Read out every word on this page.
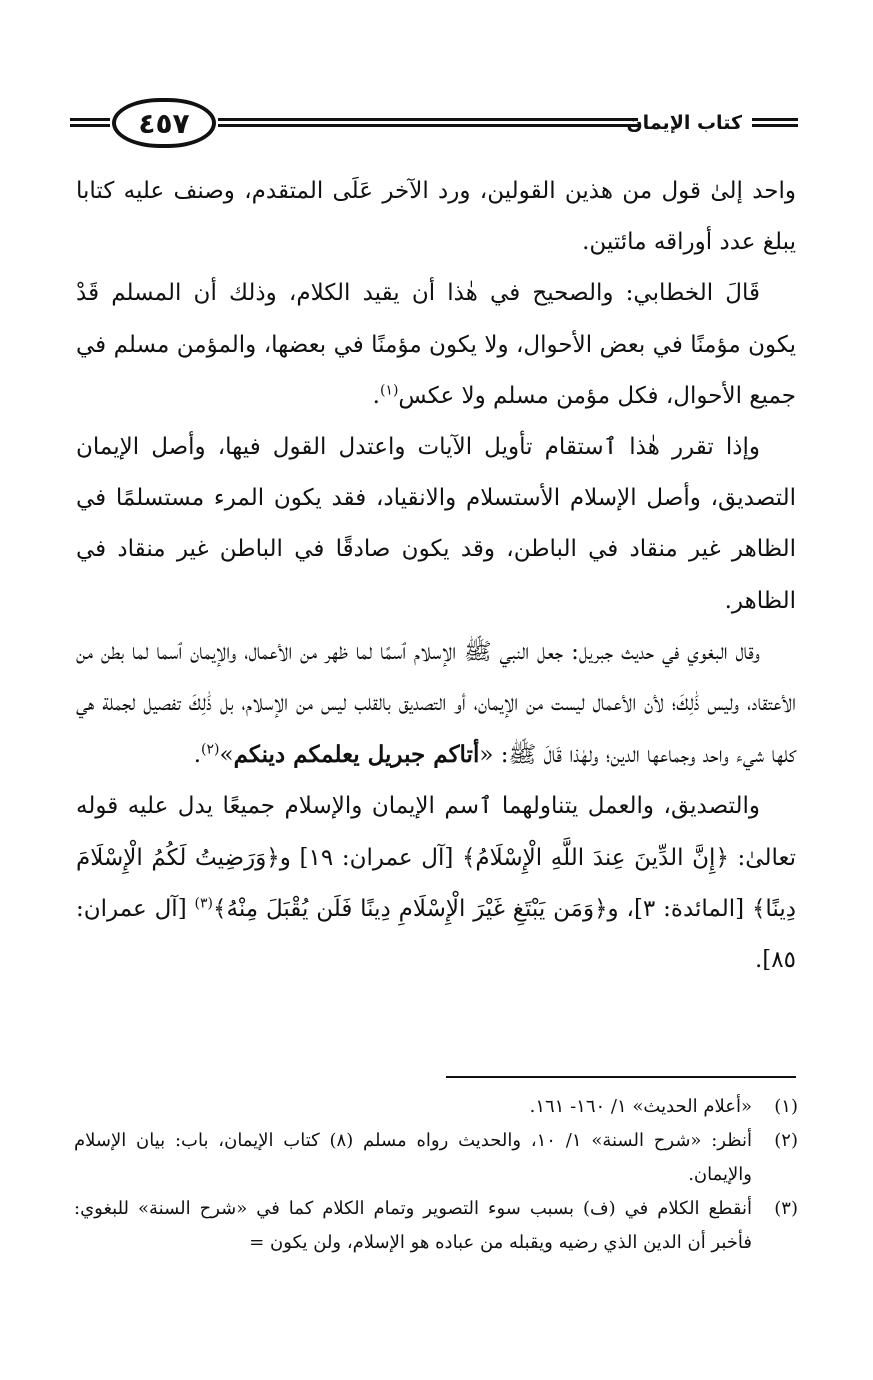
٤٥٧	كتاب الإيمان

واحد إلىٰ قول من هذين القولين، ورد الآخر عَلَى المتقدم، وصنف عليه كتابا يبلغ عدد أوراقه مائتين.

قَالَ الخطابي: والصحيح في هٰذا أن يقيد الكلام، وذلك أن المسلم قَدْ يكون مؤمنًا في بعض الأحوال، ولا يكون مؤمنًا في بعضها، والمؤمن مسلم في جميع الأحوال، فكل مؤمن مسلم ولا عكس$^{(١)}$.

وإذا تقرر هٰذا ٱستقام تأويل الآيات واعتدل القول فيها، وأصل الإيمان التصديق، وأصل الإسلام الأستسلام والانقياد، فقد يكون المرء مستسلمًا في الظاهر غير منقاد في الباطن، وقد يكون صادقًا في الباطن غير منقاد في الظاهر.

وقال البغوي في حديث جبريل: جعل النبي ﷺ الإسلام ٱسمًا لما ظهر من الأعمال، والإيمان ٱسما لما بطن من الأعتقاد، وليس ذَٰلِكَ؛ لأن الأعمال ليست من الإيمان، أو التصديق بالقلب ليس من الإسلام، بل ذَٰلِكَ تفصيل لجملة هي كلها شيء واحد وجماعها الدين؛ ولهٰذا قَالَ ﷺ: «أتاكم جبريل يعلمكم دينكم»$^{(٢)}$.

والتصديق، والعمل يتناولهما ٱسم الإيمان والإسلام جميعًا يدل عليه قوله تعالىٰ: ﴿إِنَّ الدِّينَ عِندَ اللَّهِ الْإِسْلَامُ﴾ [آل عمران: ١٩] و﴿وَرَضِيتُ لَكُمُ الْإِسْلَامَ دِينًا﴾ [المائدة: ٣]، و﴿وَمَن يَبْتَغِ غَيْرَ الْإِسْلَامِ دِينًا فَلَن يُقْبَلَ مِنْهُ﴾$^{(٣)}$ [آل عمران: ٨٥].

(١)
«أعلام الحديث» ١/ ١٦٠- ١٦١.
(٢)
أنظر: «شرح السنة» ١/ ١٠، والحديث رواه مسلم (٨) كتاب الإيمان، باب: بيان الإسلام والإيمان.
(٣)
أنقطع الكلام في (ف) بسبب سوء التصوير وتمام الكلام كما في «شرح السنة» للبغوي: فأخبر أن الدين الذي رضيه ويقبله من عباده هو الإسلام، ولن يكون =
